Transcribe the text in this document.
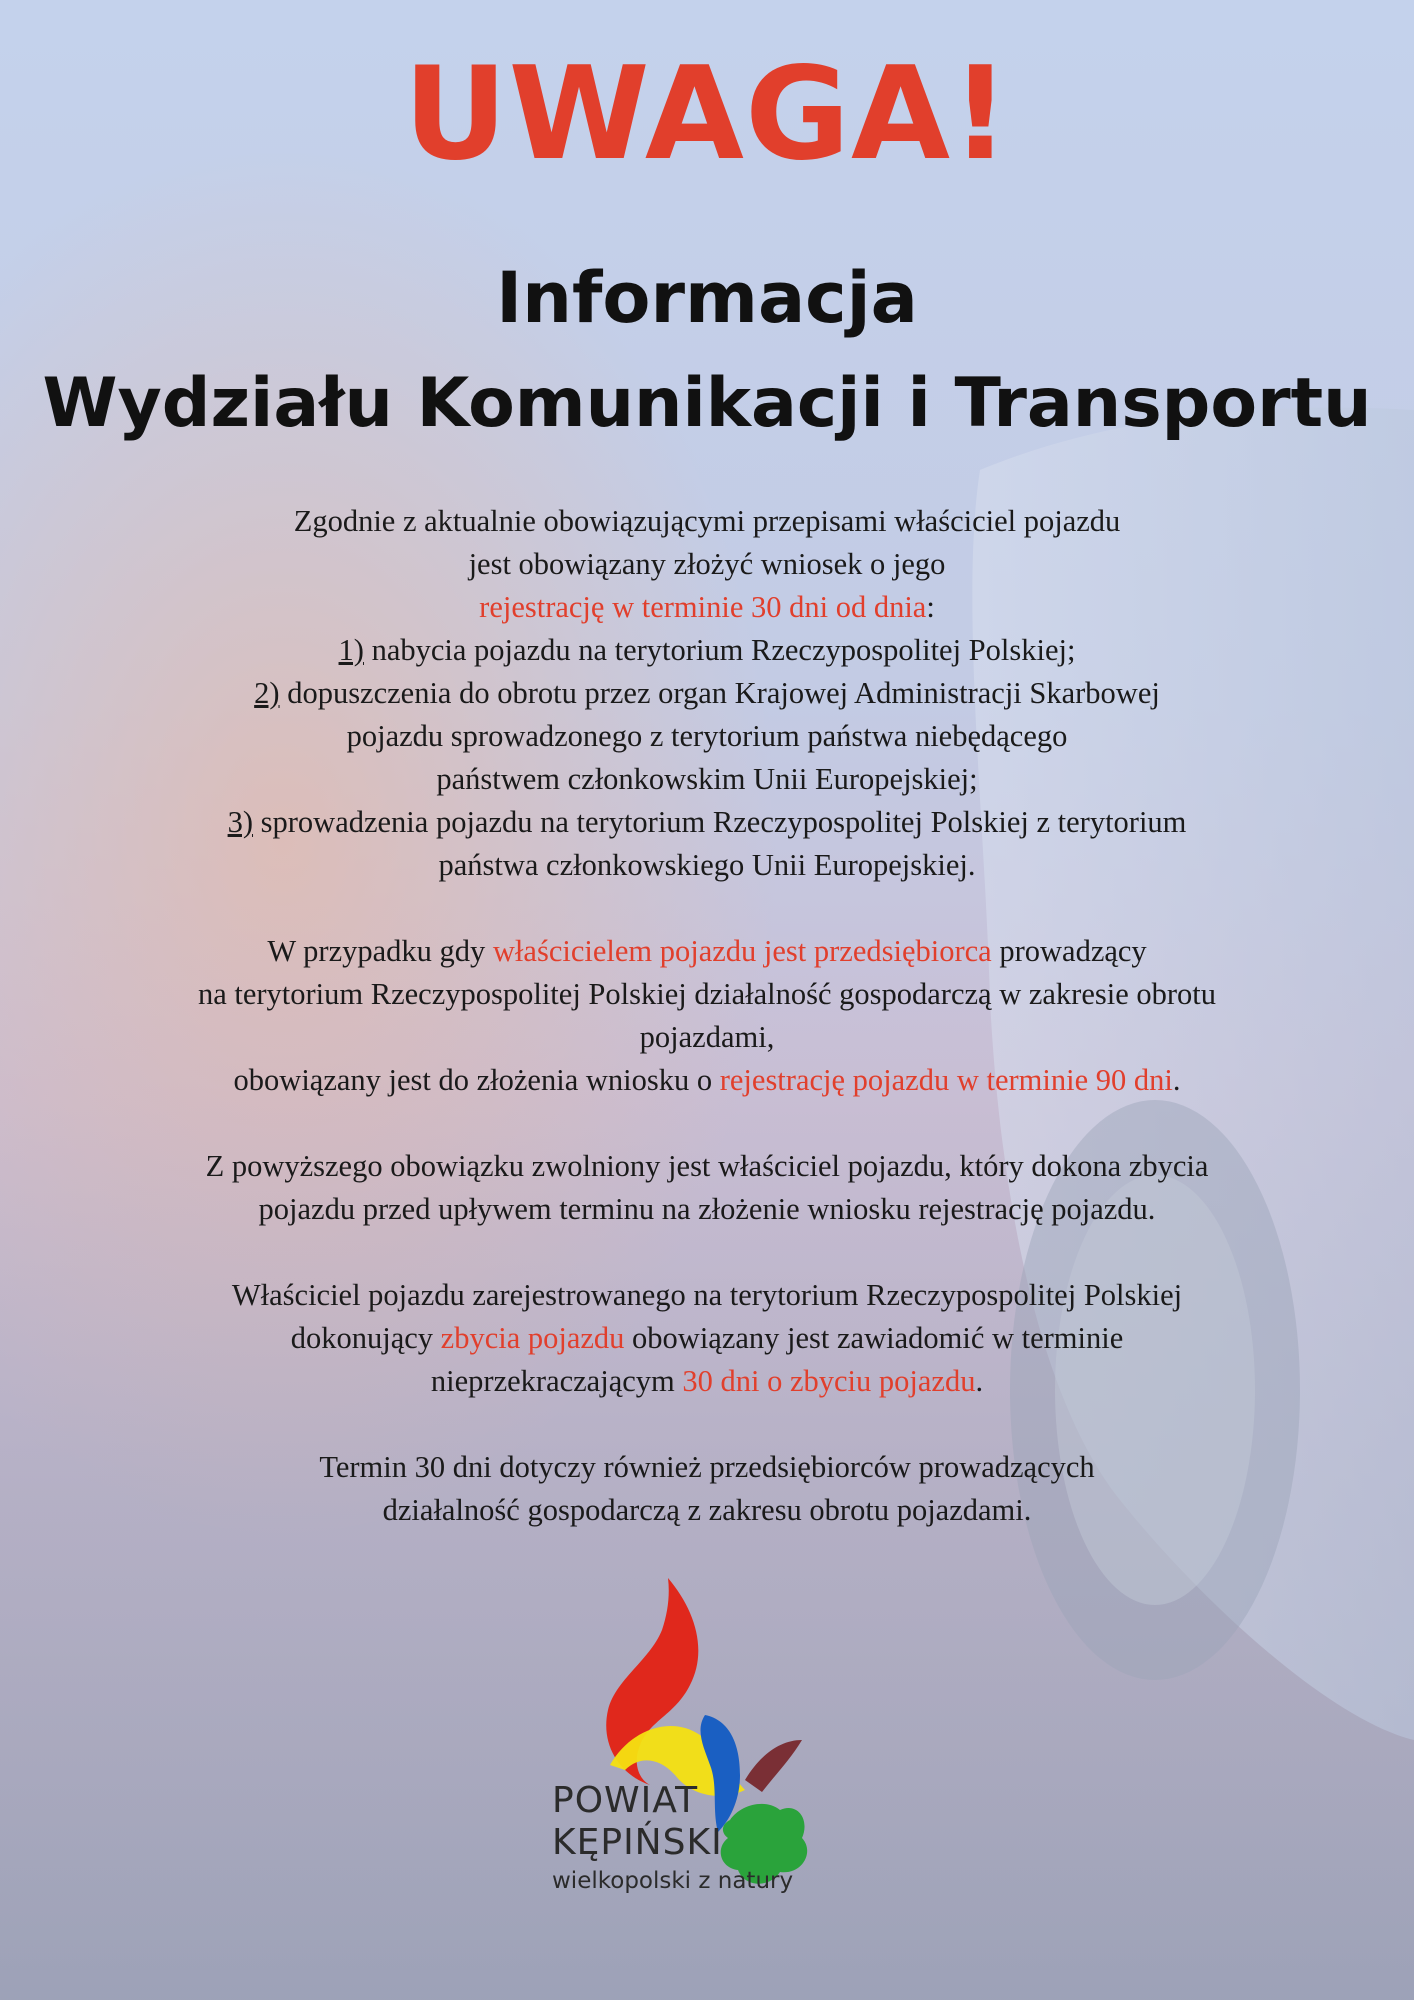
UWAGA!
Informacja
Wydziału Komunikacji i Transportu

Zgodnie z aktualnie obowiązującymi przepisami właściciel pojazdu

jest obowiązany złożyć wniosek o jego

rejestrację w terminie 30 dni od dnia:

1) nabycia pojazdu na terytorium Rzeczypospolitej Polskiej;

2) dopuszczenia do obrotu przez organ Krajowej Administracji Skarbowej

pojazdu sprowadzonego z terytorium państwa niebędącego

państwem członkowskim Unii Europejskiej;

3) sprowadzenia pojazdu na terytorium Rzeczypospolitej Polskiej z terytorium

państwa członkowskiego Unii Europejskiej.

W przypadku gdy właścicielem pojazdu jest przedsiębiorca prowadzący

na terytorium Rzeczypospolitej Polskiej działalność gospodarczą w zakresie obrotu

pojazdami,

obowiązany jest do złożenia wniosku o rejestrację pojazdu w terminie 90 dni.

Z powyższego obowiązku zwolniony jest właściciel pojazdu, który dokona zbycia

pojazdu przed upływem terminu na złożenie wniosku rejestrację pojazdu.

Właściciel pojazdu zarejestrowanego na terytorium Rzeczypospolitej Polskiej

dokonujący zbycia pojazdu obowiązany jest zawiadomić w terminie

nieprzekraczającym 30 dni o zbyciu pojazdu.

Termin 30 dni dotyczy również przedsiębiorców prowadzących

działalność gospodarczą z zakresu obrotu pojazdami.

POWIAT
KĘPIŃSKI
wielkopolski z natury
